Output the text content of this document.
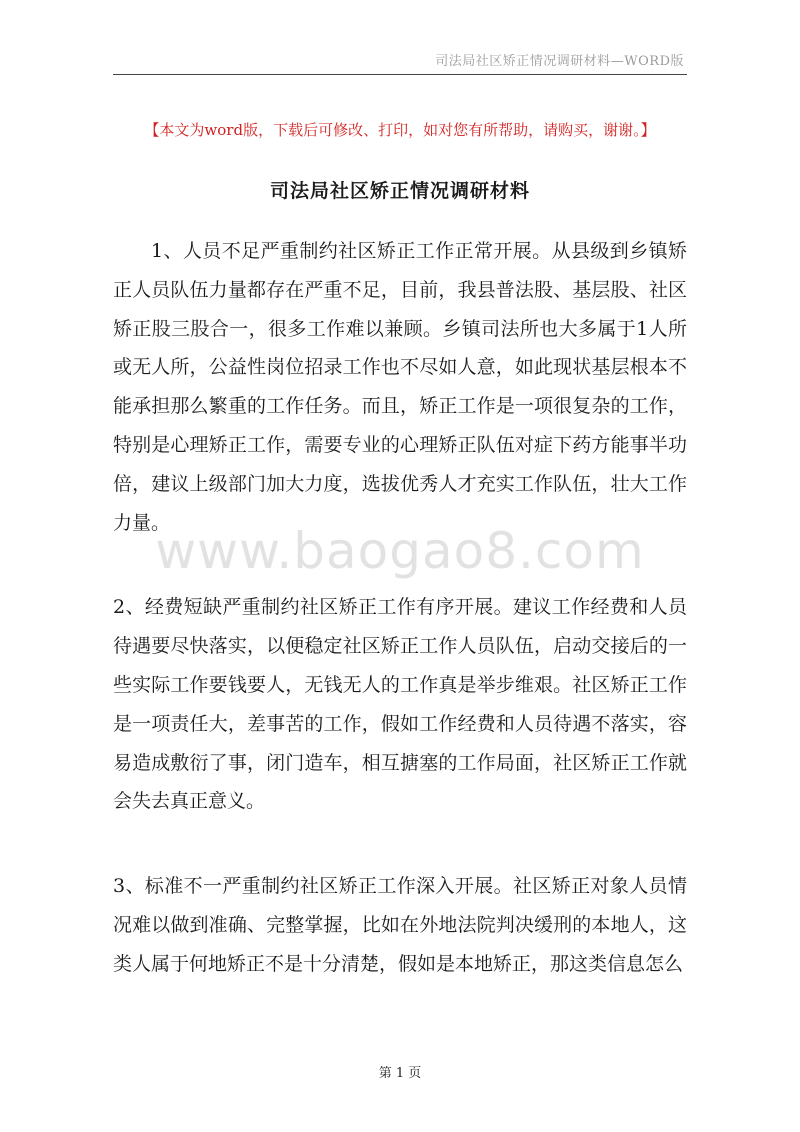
司法局社区矫正情况调研材料—WORD版
【本文为word版，下载后可修改、打印，如对您有所帮助，请购买，谢谢。】
司法局社区矫正情况调研材料

1、人员不足严重制约社区矫正工作正常开展。从县级到乡镇矫正人员队伍力量都存在严重不足，目前，我县普法股、基层股、社区矫正股三股合一，很多工作难以兼顾。乡镇司法所也大多属于1人所或无人所，公益性岗位招录工作也不尽如人意，如此现状基层根本不能承担那么繁重的工作任务。而且，矫正工作是一项很复杂的工作，特别是心理矫正工作，需要专业的心理矫正队伍对症下药方能事半功倍，建议上级部门加大力度，选拔优秀人才充实工作队伍，壮大工作力量。

2、经费短缺严重制约社区矫正工作有序开展。建议工作经费和人员待遇要尽快落实，以便稳定社区矫正工作人员队伍，启动交接后的一些实际工作要钱要人，无钱无人的工作真是举步维艰。社区矫正工作是一项责任大，差事苦的工作，假如工作经费和人员待遇不落实，容易造成敷衍了事，闭门造车，相互搪塞的工作局面，社区矫正工作就会失去真正意义。

3、标准不一严重制约社区矫正工作深入开展。社区矫正对象人员情况难以做到准确、完整掌握，比如在外地法院判决缓刑的本地人，这类人属于何地矫正不是十分清楚，假如是本地矫正，那这类信息怎么

www.baogao8.com
第 1 页
